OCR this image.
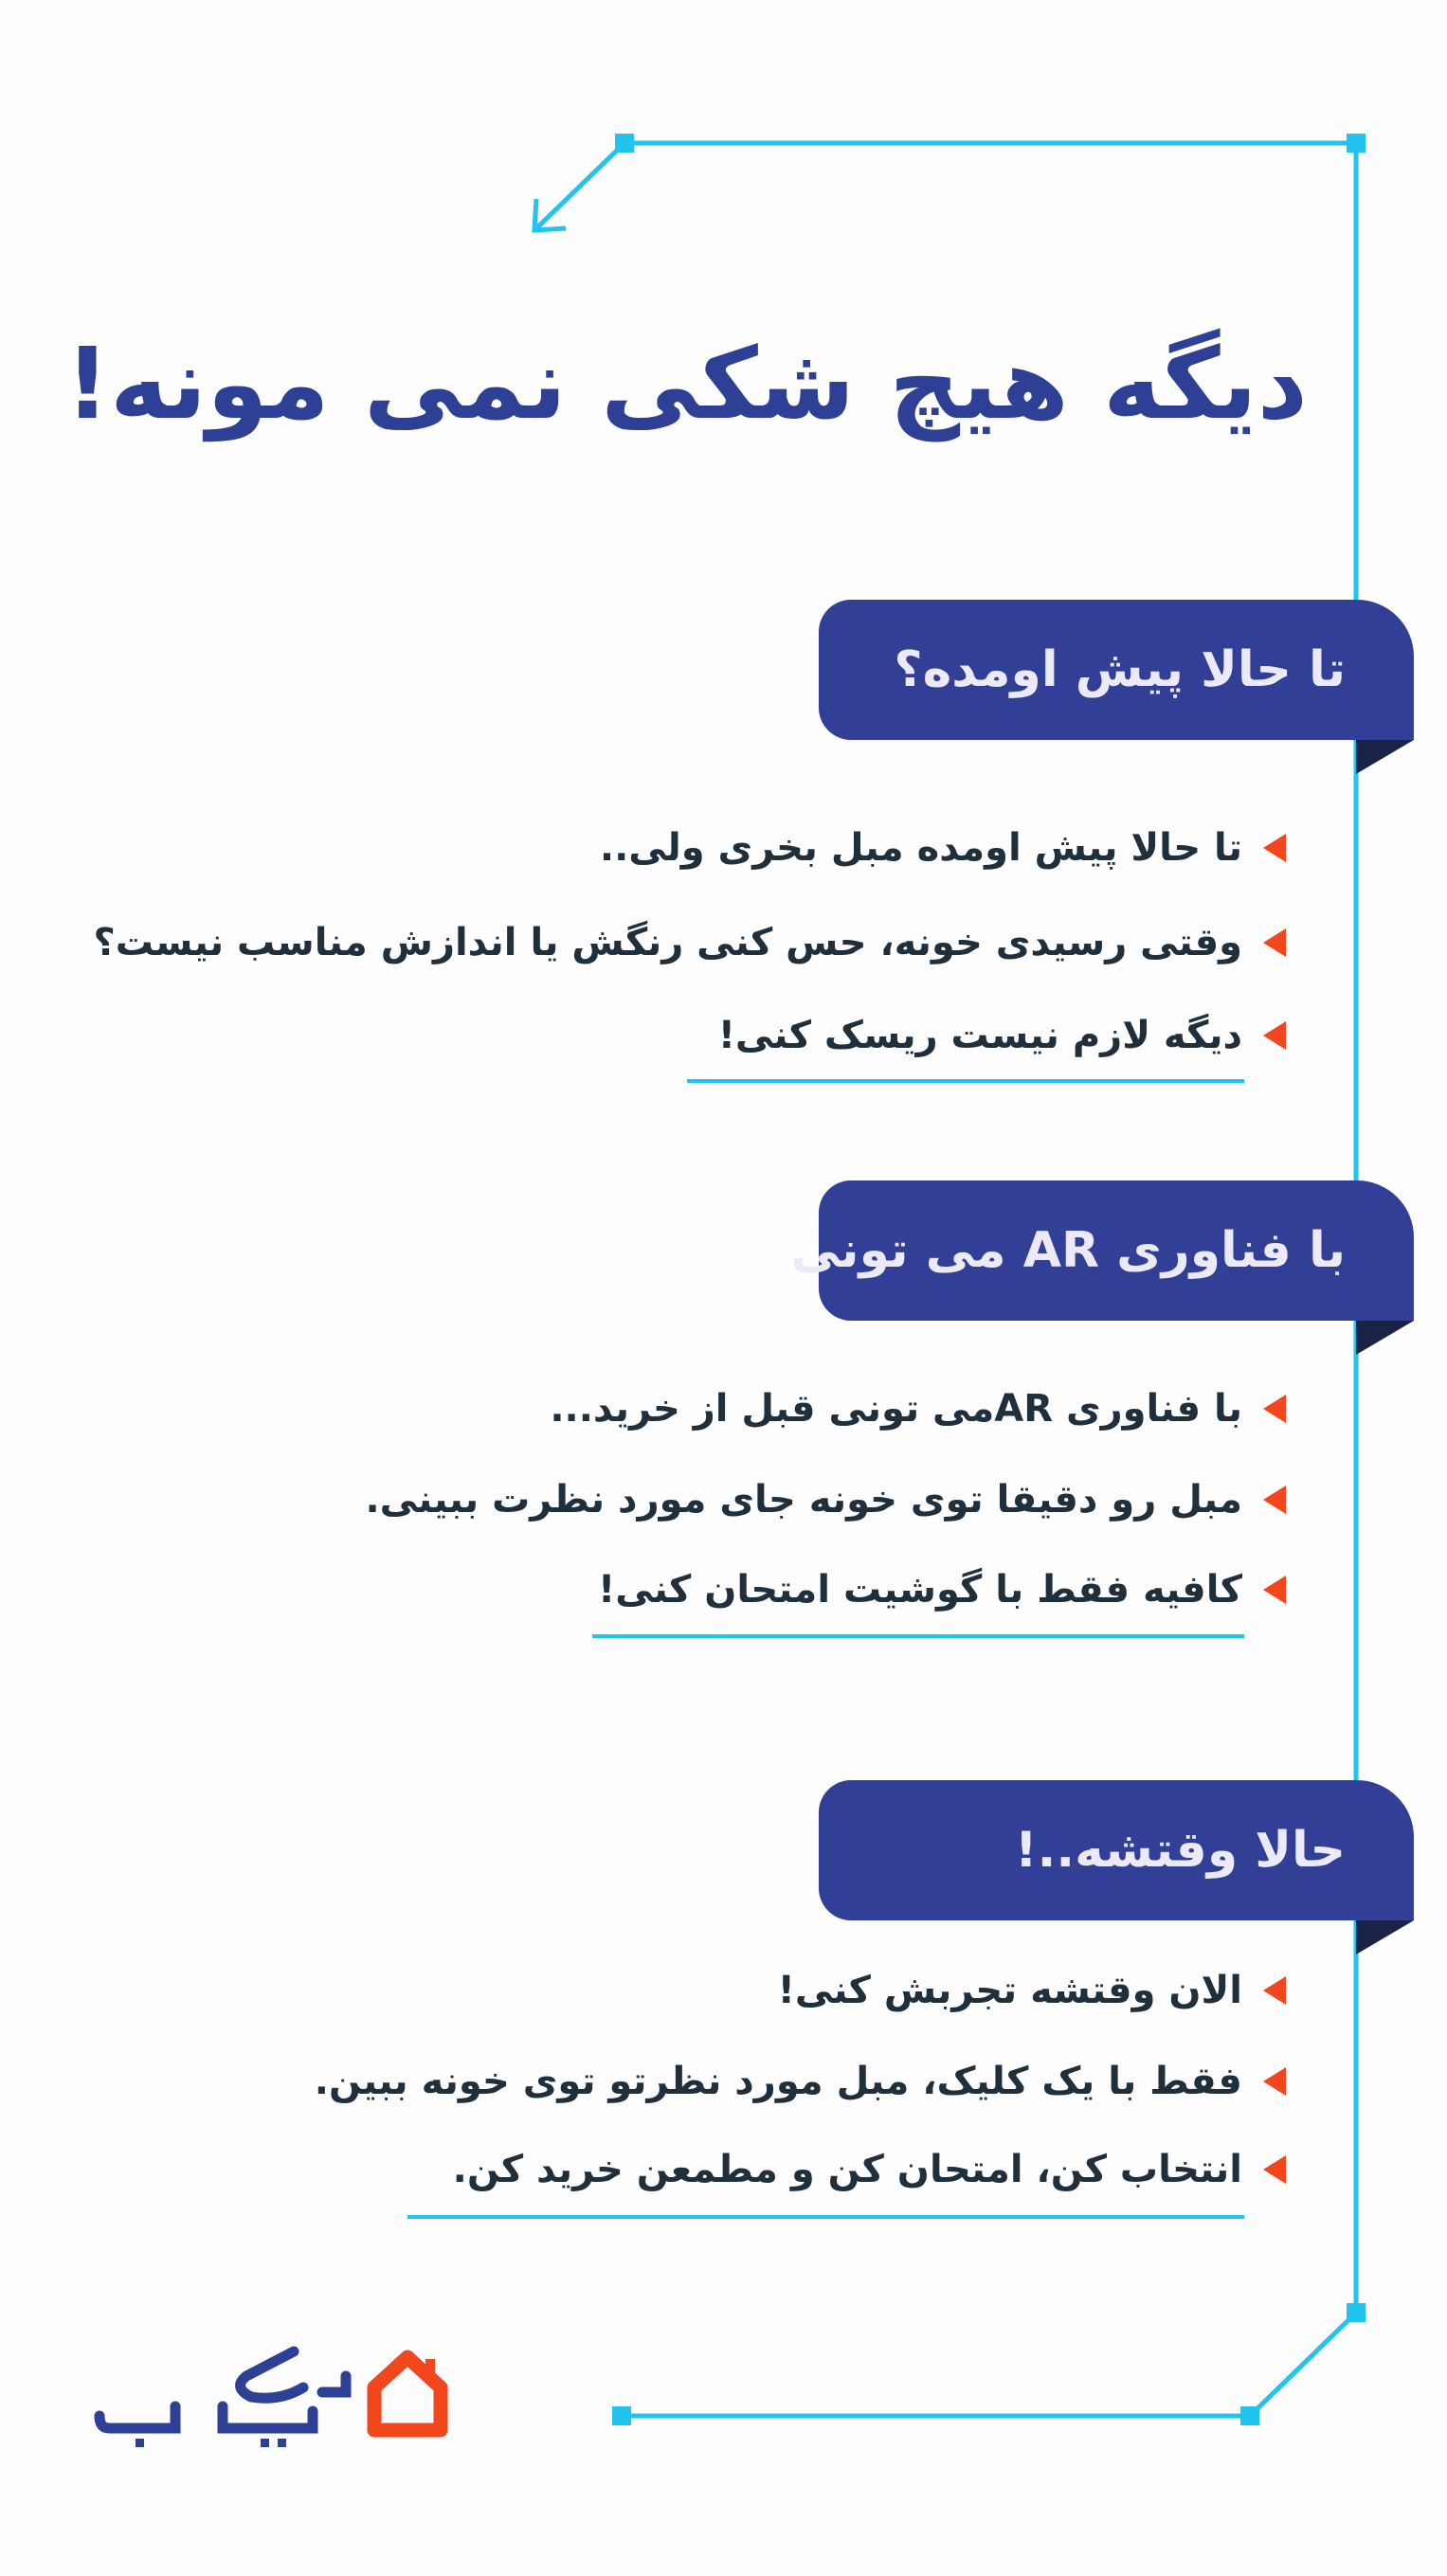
دیگه هیچ شکی نمی مونه!
تا حالا پیش اومده؟
تا حالا پیش اومده مبل بخری ولی..
وقتی رسیدی خونه، حس کنی رنگش یا اندازش مناسب نیست؟
دیگه لازم نیست ریسک کنی!
با فناوری AR می تونی
با فناوری ARمی تونی قبل از خرید...
مبل رو دقیقا توی خونه جای مورد نظرت ببینی.
کافیه فقط با گوشیت امتحان کنی!
حالا وقتشه..!
الان وقتشه تجربش کنی!
فقط با یک کلیک، مبل مورد نظرتو توی خونه ببین.
انتخاب کن، امتحان کن و مطمعن خرید کن.
